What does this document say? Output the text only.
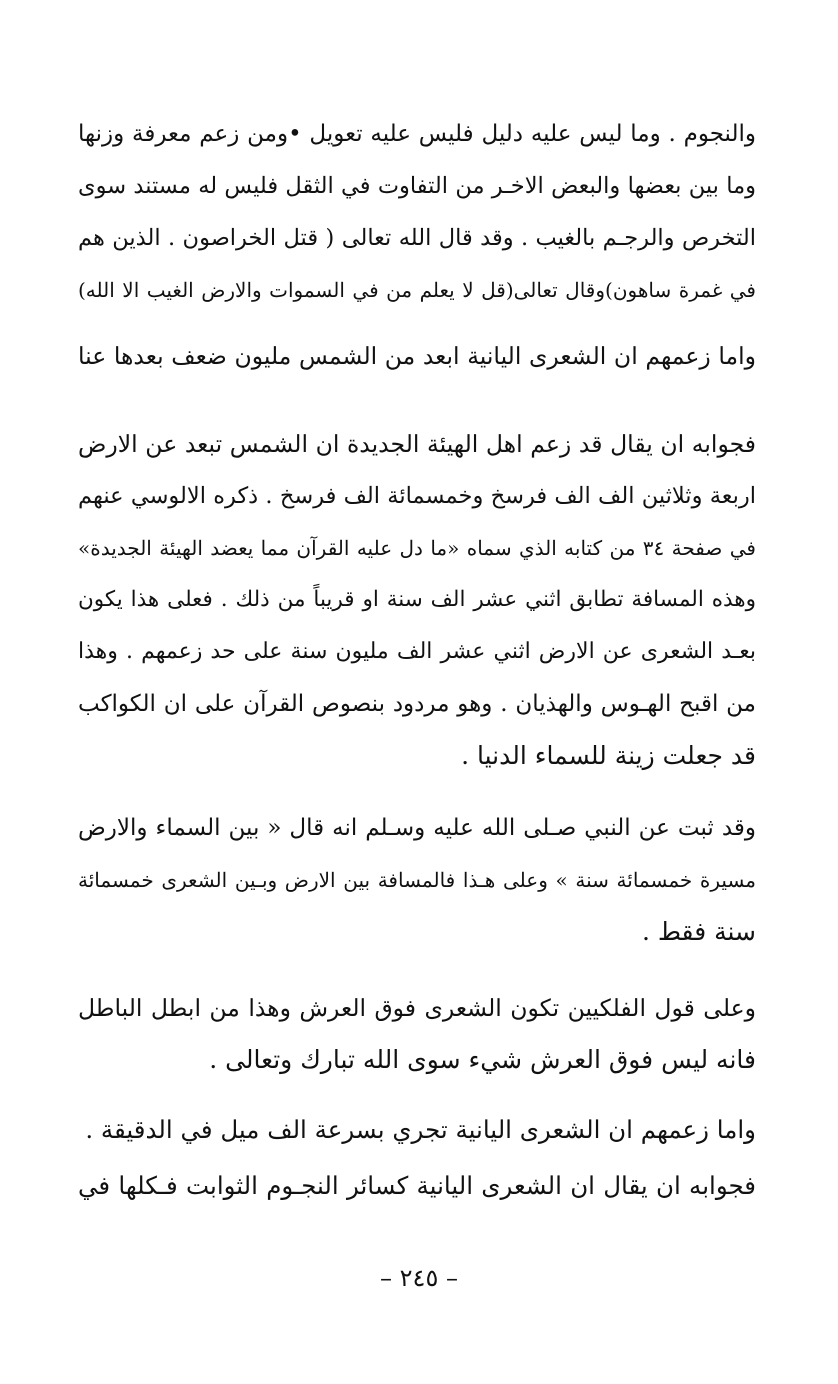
والنجوم . وما ليس عليه دليل فليس عليه تعويل •ومن زعم معرفة وزنها
وما بين بعضها والبعض الاخـر من التفاوت في الثقل فليس له مستند سوى
التخرص والرجـم بالغيب . وقد قال الله تعالى ( قتل الخراصون . الذين هم
في غمرة ساهون)وقال تعالى(قل لا يعلم من في السموات والارض الغيب الا الله)
واما زعمهم ان الشعرى اليانية ابعد من الشمس مليون ضعف بعدها عنا
فجوابه ان يقال قد زعم اهل الهيئة الجديدة ان الشمس تبعد عن الارض
اربعة وثلاثين الف الف فرسخ وخمسمائة الف فرسخ . ذكره الالوسي عنهم
في صفحة ٣٤ من كتابه الذي سماه «ما دل عليه القرآن مما يعضد الهيئة الجديدة»
وهذه المسافة تطابق اثني عشر الف سنة او قريباً من ذلك . فعلى هذا يكون
بعـد الشعرى عن الارض اثني عشر الف مليون سنة على حد زعمهم . وهذا
من اقبح الهـوس والهذيان . وهو مردود بنصوص القرآن على ان الكواكب
قد جعلت زينة للسماء الدنيا .
وقد ثبت عن النبي صـلى الله عليه وسـلم انه قال « بين السماء والارض
مسيرة خمسمائة سنة » وعلى هـذا فالمسافة بين الارض وبـين الشعرى خمسمائة
سنة فقط .
وعلى قول الفلكيين تكون الشعرى فوق العرش وهذا من ابطل الباطل
فانه ليس فوق العرش شيء سوى الله تبارك وتعالى .
واما زعمهم ان الشعرى اليانية تجري بسرعة الف ميل في الدقيقة .
فجوابه ان يقال ان الشعرى اليانية كسائر النجـوم الثوابت فـكلها في
– ٢٤٥ –
